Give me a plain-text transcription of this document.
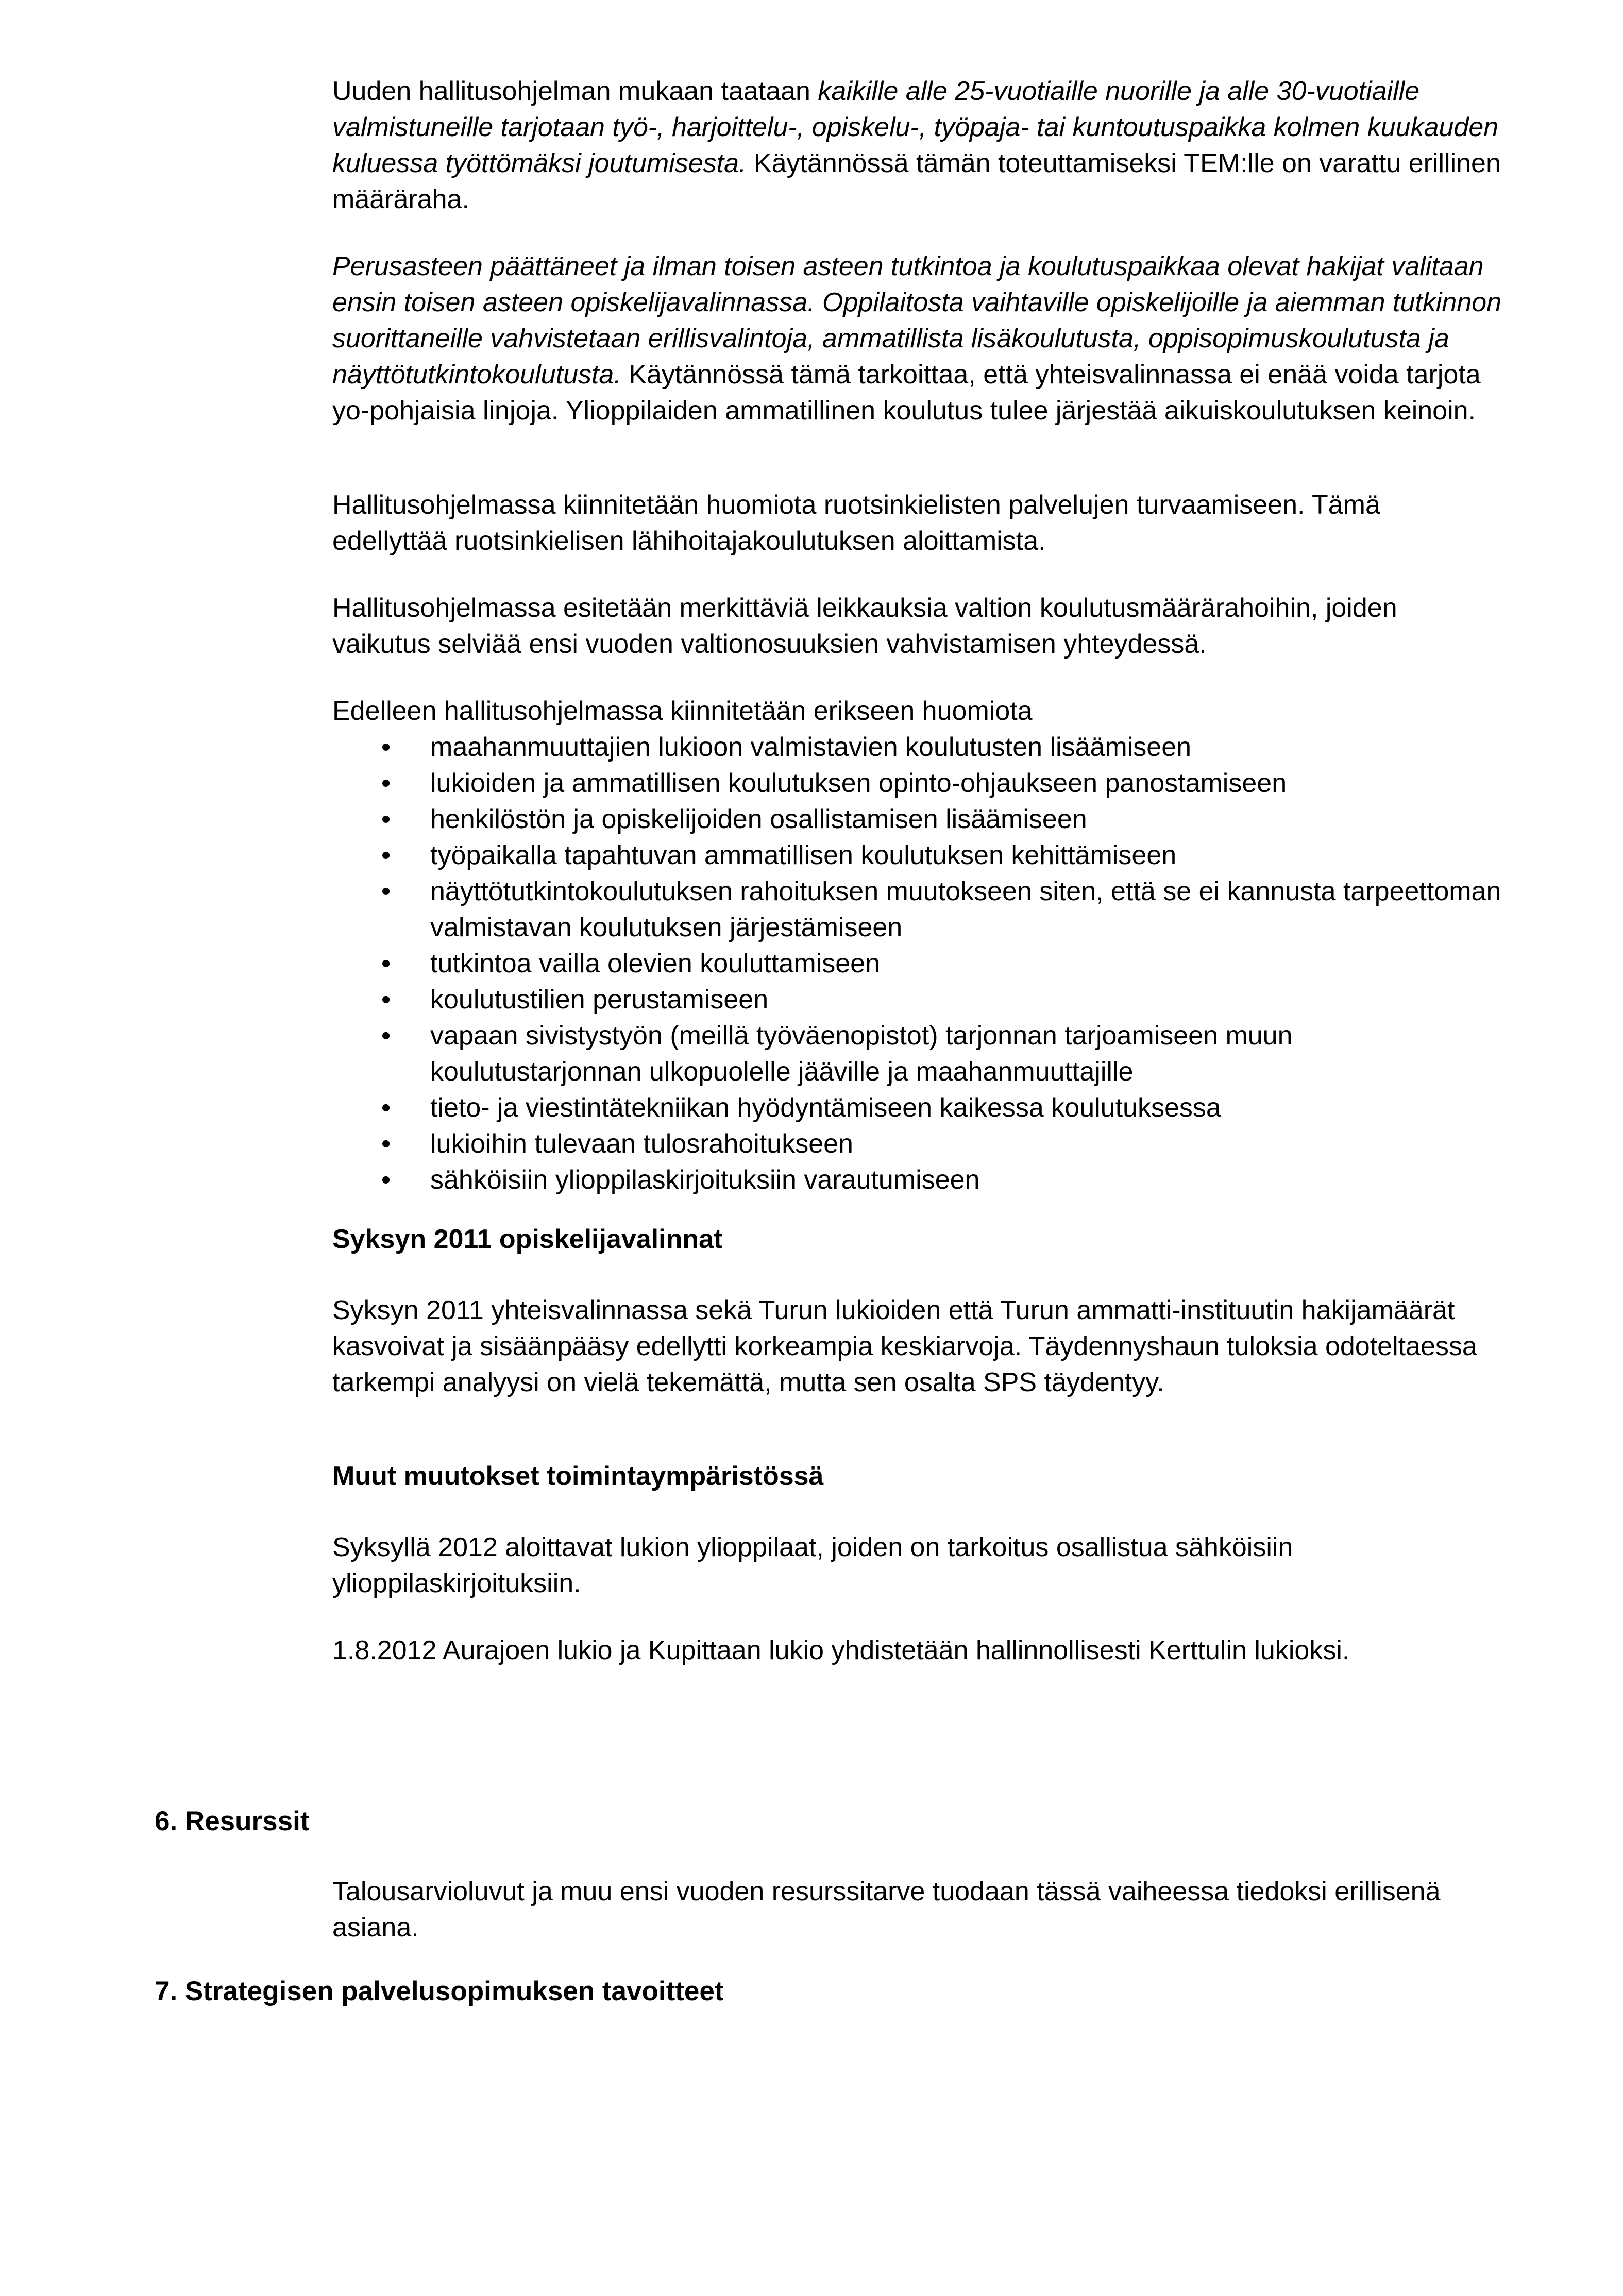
Uuden hallitusohjelman mukaan taataan kaikille alle 25-vuotiaille nuorille ja alle 30-vuotiaille valmistuneille tarjotaan työ-, harjoittelu-, opiskelu-, työpaja- tai kuntoutuspaikka kolmen kuukauden kuluessa työttömäksi joutumisesta. Käytännössä tämän toteuttamiseksi TEM:lle on varattu erillinen määräraha.

Perusasteen päättäneet ja ilman toisen asteen tutkintoa ja koulutuspaikkaa olevat hakijat valitaan ensin toisen asteen opiskelijavalinnassa. Oppilaitosta vaihtaville opiskelijoille ja aiemman tutkinnon suorittaneille vahvistetaan erillisvalintoja, ammatillista lisäkoulutusta, oppisopimuskoulutusta ja näyttötutkintokoulutusta. Käytännössä tämä tarkoittaa, että yhteisvalinnassa ei enää voida tarjota yo-pohjaisia linjoja. Ylioppilaiden ammatillinen koulutus tulee järjestää aikuiskoulutuksen keinoin.

Hallitusohjelmassa kiinnitetään huomiota ruotsinkielisten palvelujen turvaamiseen. Tämä edellyttää ruotsinkielisen lähihoitajakoulutuksen aloittamista.

Hallitusohjelmassa esitetään merkittäviä leikkauksia valtion koulutusmäärärahoihin, joiden vaikutus selviää ensi vuoden valtionosuuksien vahvistamisen yhteydessä.

Edelleen hallitusohjelmassa kiinnitetään erikseen huomiota

• maahanmuuttajien lukioon valmistavien koulutusten lisäämiseen
• lukioiden ja ammatillisen koulutuksen opinto-ohjaukseen panostamiseen
• henkilöstön ja opiskelijoiden osallistamisen lisäämiseen
• työpaikalla tapahtuvan ammatillisen koulutuksen kehittämiseen
• näyttötutkintokoulutuksen rahoituksen muutokseen siten, että se ei kannusta tarpeettoman valmistavan koulutuksen järjestämiseen
• tutkintoa vailla olevien kouluttamiseen
• koulutustilien perustamiseen
• vapaan sivistystyön (meillä työväenopistot) tarjonnan tarjoamiseen muun koulutustarjonnan ulkopuolelle jääville ja maahanmuuttajille
• tieto- ja viestintätekniikan hyödyntämiseen kaikessa koulutuksessa
• lukioihin tulevaan tulosrahoitukseen
• sähköisiin ylioppilaskirjoituksiin varautumiseen

Syksyn 2011 opiskelijavalinnat

Syksyn 2011 yhteisvalinnassa sekä Turun lukioiden että Turun ammatti-instituutin hakijamäärät kasvoivat ja sisäänpääsy edellytti korkeampia keskiarvoja. Täydennyshaun tuloksia odoteltaessa tarkempi analyysi on vielä tekemättä, mutta sen osalta SPS täydentyy.

Muut muutokset toimintaympäristössä

Syksyllä 2012 aloittavat lukion ylioppilaat, joiden on tarkoitus osallistua sähköisiin ylioppilaskirjoituksiin.

1.8.2012 Aurajoen lukio ja Kupittaan lukio yhdistetään hallinnollisesti Kerttulin lukioksi.

6. Resurssit

Talousarvioluvut ja muu ensi vuoden resurssitarve tuodaan tässä vaiheessa tiedoksi erillisenä asiana.

7. Strategisen palvelusopimuksen tavoitteet
